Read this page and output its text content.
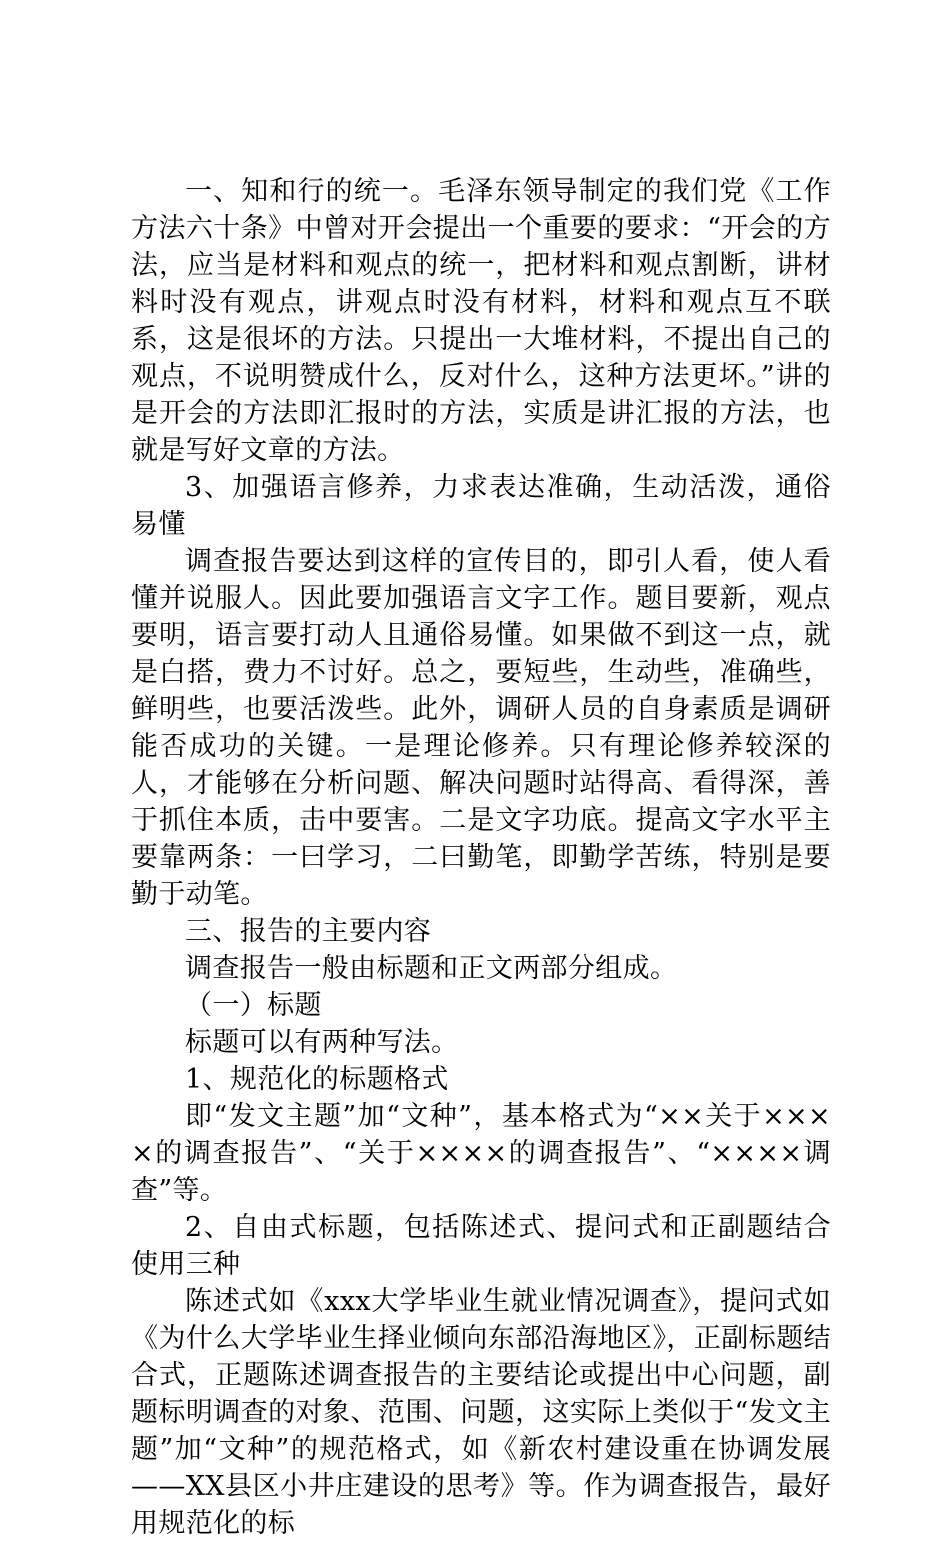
一、知和行的统一。毛泽东领导制定的我们党《工作方法六十条》中曾对开会提出一个重要的要求：“开会的方法，应当是材料和观点的统一，把材料和观点割断，讲材料时没有观点，讲观点时没有材料，材料和观点互不联系，这是很坏的方法。只提出一大堆材料，不提出自己的观点，不说明赞成什么，反对什么，这种方法更坏。”讲的是开会的方法即汇报时的方法，实质是讲汇报的方法，也就是写好文章的方法。

3、加强语言修养，力求表达准确，生动活泼，通俗易懂

调查报告要达到这样的宣传目的，即引人看，使人看懂并说服人。因此要加强语言文字工作。题目要新，观点要明，语言要打动人且通俗易懂。如果做不到这一点，就是白搭，费力不讨好。总之，要短些，生动些，准确些，鲜明些，也要活泼些。此外，调研人员的自身素质是调研能否成功的关键。一是理论修养。只有理论修养较深的人，才能够在分析问题、解决问题时站得高、看得深，善于抓住本质，击中要害。二是文字功底。提高文字水平主要靠两条：一曰学习，二曰勤笔，即勤学苦练，特别是要勤于动笔。

三、报告的主要内容

调查报告一般由标题和正文两部分组成。

（一）标题

标题可以有两种写法。

1、规范化的标题格式

即“发文主题”加“文种”，基本格式为“××关于××××的调查报告”、“关于××××的调查报告”、“××××调查”等。

2、自由式标题，包括陈述式、提问式和正副题结合使用三种

陈述式如《xxx大学毕业生就业情况调查》，提问式如《为什么大学毕业生择业倾向东部沿海地区》，正副标题结合式，正题陈述调查报告的主要结论或提出中心问题，副题标明调查的对象、范围、问题，这实际上类似于“发文主题”加“文种”的规范格式，如《新农村建设重在协调发展——XX县区小井庄建设的思考》等。作为调查报告，最好用规范化的标
